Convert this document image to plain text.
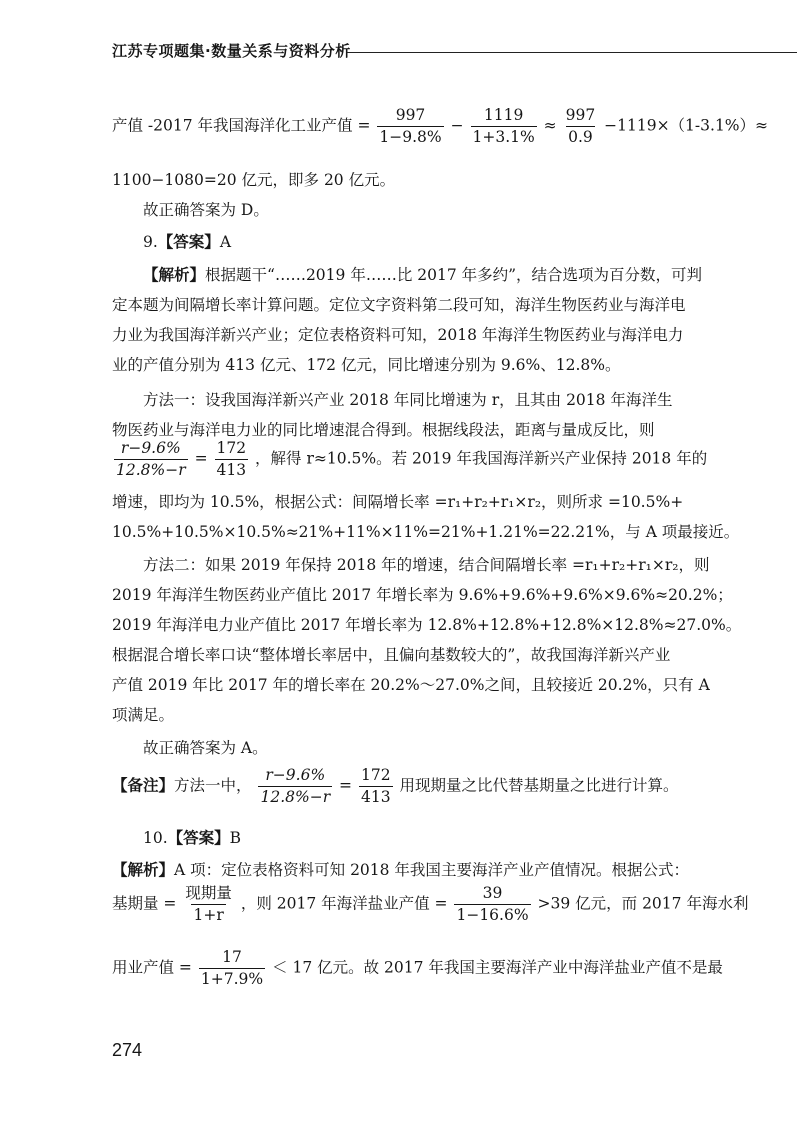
江苏专项题集·数量关系与资料分析
产值 -2017 年我国海洋化工业产值 = $\frac{997}{1-9.8\%} - \frac{1119}{1+3.1\%} \approx \frac{997}{0.9} -1119\times(1-3.1\%)\approx$
1100−1080=20 亿元，即多 20 亿元。
故正确答案为 D。
9.【答案】A
【解析】根据题干“……2019 年……比 2017 年多约”，结合选项为百分数，可判
定本题为间隔增长率计算问题。定位文字资料第二段可知，海洋生物医药业与海洋电
力业为我国海洋新兴产业；定位表格资料可知，2018 年海洋生物医药业与海洋电力
业的产值分别为 413 亿元、172 亿元，同比增速分别为 9.6%、12.8%。
方法一：设我国海洋新兴产业 2018 年同比增速为 r，且其由 2018 年海洋生
物医药业与海洋电力业的同比增速混合得到。根据线段法，距离与量成反比，则
$\frac{r-9.6\%}{12.8\%-r} = \frac{172}{413}$ ，解得 r≈10.5%。若 2019 年我国海洋新兴产业保持 2018 年的
增速，即均为 10.5%，根据公式：间隔增长率 =r₁+r₂+r₁×r₂，则所求 =10.5%+
10.5%+10.5%×10.5%≈21%+11%×11%=21%+1.21%=22.21%，与 A 项最接近。
方法二：如果 2019 年保持 2018 年的增速，结合间隔增长率 =r₁+r₂+r₁×r₂，则
2019 年海洋生物医药业产值比 2017 年增长率为 9.6%+9.6%+9.6%×9.6%≈20.2%；
2019 年海洋电力业产值比 2017 年增长率为 12.8%+12.8%+12.8%×12.8%≈27.0%。
根据混合增长率口诀“整体增长率居中，且偏向基数较大的”，故我国海洋新兴产业
产值 2019 年比 2017 年的增长率在 20.2%～27.0%之间，且较接近 20.2%，只有 A
项满足。
故正确答案为 A。
【备注】方法一中， $\frac{r-9.6\%}{12.8\%-r} = \frac{172}{413}$ 用现期量之比代替基期量之比进行计算。
10.【答案】B
【解析】A 项：定位表格资料可知 2018 年我国主要海洋产业产值情况。根据公式：
基期量 = $\frac{\text{现期量}}{1+r}$ ，则 2017 年海洋盐业产值 = $\frac{39}{1-16.6\%} >39$ 亿元，而 2017 年海水利
用业产值 = $\frac{17}{1+7.9\%} < 17$ 亿元。故 2017 年我国主要海洋产业中海洋盐业产值不是最
274
